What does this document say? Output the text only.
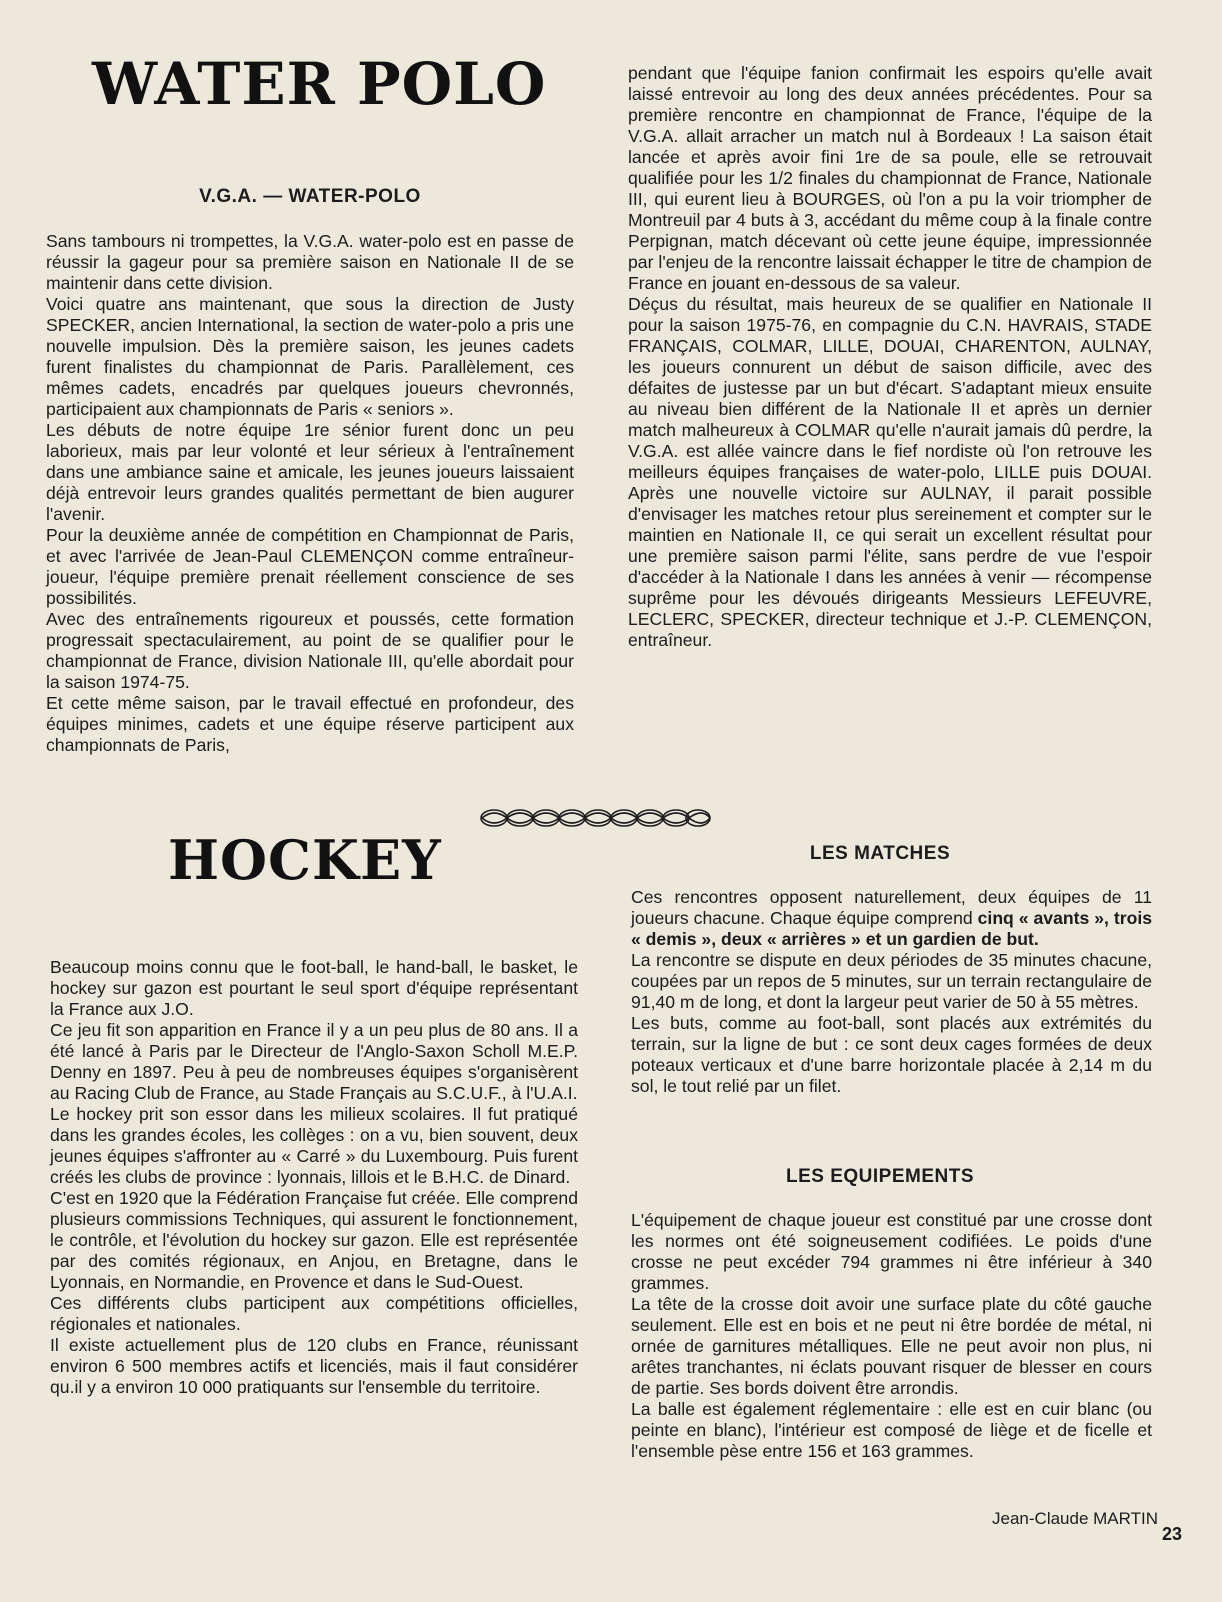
WATER POLO
V.G.A. — WATER-POLO

Sans tambours ni trompettes, la V.G.A. water-polo est en passe de réussir la gageur pour sa première saison en Nationale II de se maintenir dans cette division.

Voici quatre ans maintenant, que sous la direction de Justy SPECKER, ancien International, la section de water-polo a pris une nouvelle impulsion. Dès la première saison, les jeunes cadets furent finalistes du championnat de Paris. Parallèlement, ces mêmes cadets, encadrés par quelques joueurs chevronnés, participaient aux championnats de Paris « seniors ».

Les débuts de notre équipe 1re sénior furent donc un peu laborieux, mais par leur volonté et leur sérieux à l'entraînement dans une ambiance saine et amicale, les jeunes joueurs laissaient déjà entrevoir leurs grandes qualités permettant de bien augurer l'avenir.

Pour la deuxième année de compétition en Championnat de Paris, et avec l'arrivée de Jean-Paul CLEMENÇON comme entraîneur-joueur, l'équipe première prenait réellement conscience de ses possibilités.

Avec des entraînements rigoureux et poussés, cette formation progressait spectaculairement, au point de se qualifier pour le championnat de France, division Nationale III, qu'elle abordait pour la saison 1974-75.

Et cette même saison, par le travail effectué en profondeur, des équipes minimes, cadets et une équipe réserve participent aux championnats de Paris,

pendant que l'équipe fanion confirmait les espoirs qu'elle avait laissé entrevoir au long des deux années précédentes. Pour sa première rencontre en championnat de France, l'équipe de la V.G.A. allait arracher un match nul à Bordeaux ! La saison était lancée et après avoir fini 1re de sa poule, elle se retrouvait qualifiée pour les 1/2 finales du championnat de France, Nationale III, qui eurent lieu à BOURGES, où l'on a pu la voir triompher de Montreuil par 4 buts à 3, accédant du même coup à la finale contre Perpignan, match décevant où cette jeune équipe, impressionnée par l'enjeu de la rencontre laissait échapper le titre de champion de France en jouant en-dessous de sa valeur.

Déçus du résultat, mais heureux de se qualifier en Nationale II pour la saison 1975-76, en compagnie du C.N. HAVRAIS, STADE FRANÇAIS, COLMAR, LILLE, DOUAI, CHARENTON, AULNAY, les joueurs connurent un début de saison difficile, avec des défaites de justesse par un but d'écart. S'adaptant mieux ensuite au niveau bien différent de la Nationale II et après un dernier match malheureux à COLMAR qu'elle n'aurait jamais dû perdre, la V.G.A. est allée vaincre dans le fief nordiste où l'on retrouve les meilleurs équipes françaises de water-polo, LILLE puis DOUAI. Après une nouvelle victoire sur AULNAY, il parait possible d'envisager les matches retour plus sereinement et compter sur le maintien en Nationale II, ce qui serait un excellent résultat pour une première saison parmi l'élite, sans perdre de vue l'espoir d'accéder à la Nationale I dans les années à venir — récompense suprême pour les dévoués dirigeants Messieurs LEFEUVRE, LECLERC, SPECKER, directeur technique et J.-P. CLEMENÇON, entraîneur.

HOCKEY

Beaucoup moins connu que le foot-ball, le hand-ball, le basket, le hockey sur gazon est pourtant le seul sport d'équipe représentant la France aux J.O.

Ce jeu fit son apparition en France il y a un peu plus de 80 ans. Il a été lancé à Paris par le Directeur de l'Anglo-Saxon Scholl M.E.P. Denny en 1897. Peu à peu de nombreuses équipes s'organisèrent au Racing Club de France, au Stade Français au S.C.U.F., à l'U.A.I.

Le hockey prit son essor dans les milieux scolaires. Il fut pratiqué dans les grandes écoles, les collèges : on a vu, bien souvent, deux jeunes équipes s'affronter au « Carré » du Luxembourg. Puis furent créés les clubs de province : lyonnais, lillois et le B.H.C. de Dinard.

C'est en 1920 que la Fédération Française fut créée. Elle comprend plusieurs commissions Techniques, qui assurent le fonctionnement, le contrôle, et l'évolution du hockey sur gazon. Elle est représentée par des comités régionaux, en Anjou, en Bretagne, dans le Lyonnais, en Normandie, en Provence et dans le Sud-Ouest.

Ces différents clubs participent aux compétitions officielles, régionales et nationales.

Il existe actuellement plus de 120 clubs en France, réunissant environ 6 500 membres actifs et licenciés, mais il faut considérer qu.il y a environ 10 000 pratiquants sur l'ensemble du territoire.

LES MATCHES

Ces rencontres opposent naturellement, deux équipes de 11 joueurs chacune. Chaque équipe comprend cinq « avants », trois « demis », deux « arrières » et un gardien de but.

La rencontre se dispute en deux périodes de 35 minutes chacune, coupées par un repos de 5 minutes, sur un terrain rectangulaire de 91,40 m de long, et dont la largeur peut varier de 50 à 55 mètres.

Les buts, comme au foot-ball, sont placés aux extrémités du terrain, sur la ligne de but : ce sont deux cages formées de deux poteaux verticaux et d'une barre horizontale placée à 2,14 m du sol, le tout relié par un filet.

LES EQUIPEMENTS

L'équipement de chaque joueur est constitué par une crosse dont les normes ont été soigneusement codifiées. Le poids d'une crosse ne peut excéder 794 grammes ni être inférieur à 340 grammes.

La tête de la crosse doit avoir une surface plate du côté gauche seulement. Elle est en bois et ne peut ni être bordée de métal, ni ornée de garnitures métalliques. Elle ne peut avoir non plus, ni arêtes tranchantes, ni éclats pouvant risquer de blesser en cours de partie. Ses bords doivent être arrondis.

La balle est également réglementaire : elle est en cuir blanc (ou peinte en blanc), l'intérieur est composé de liège et de ficelle et l'ensemble pèse entre 156 et 163 grammes.

Jean-Claude MARTIN
23
